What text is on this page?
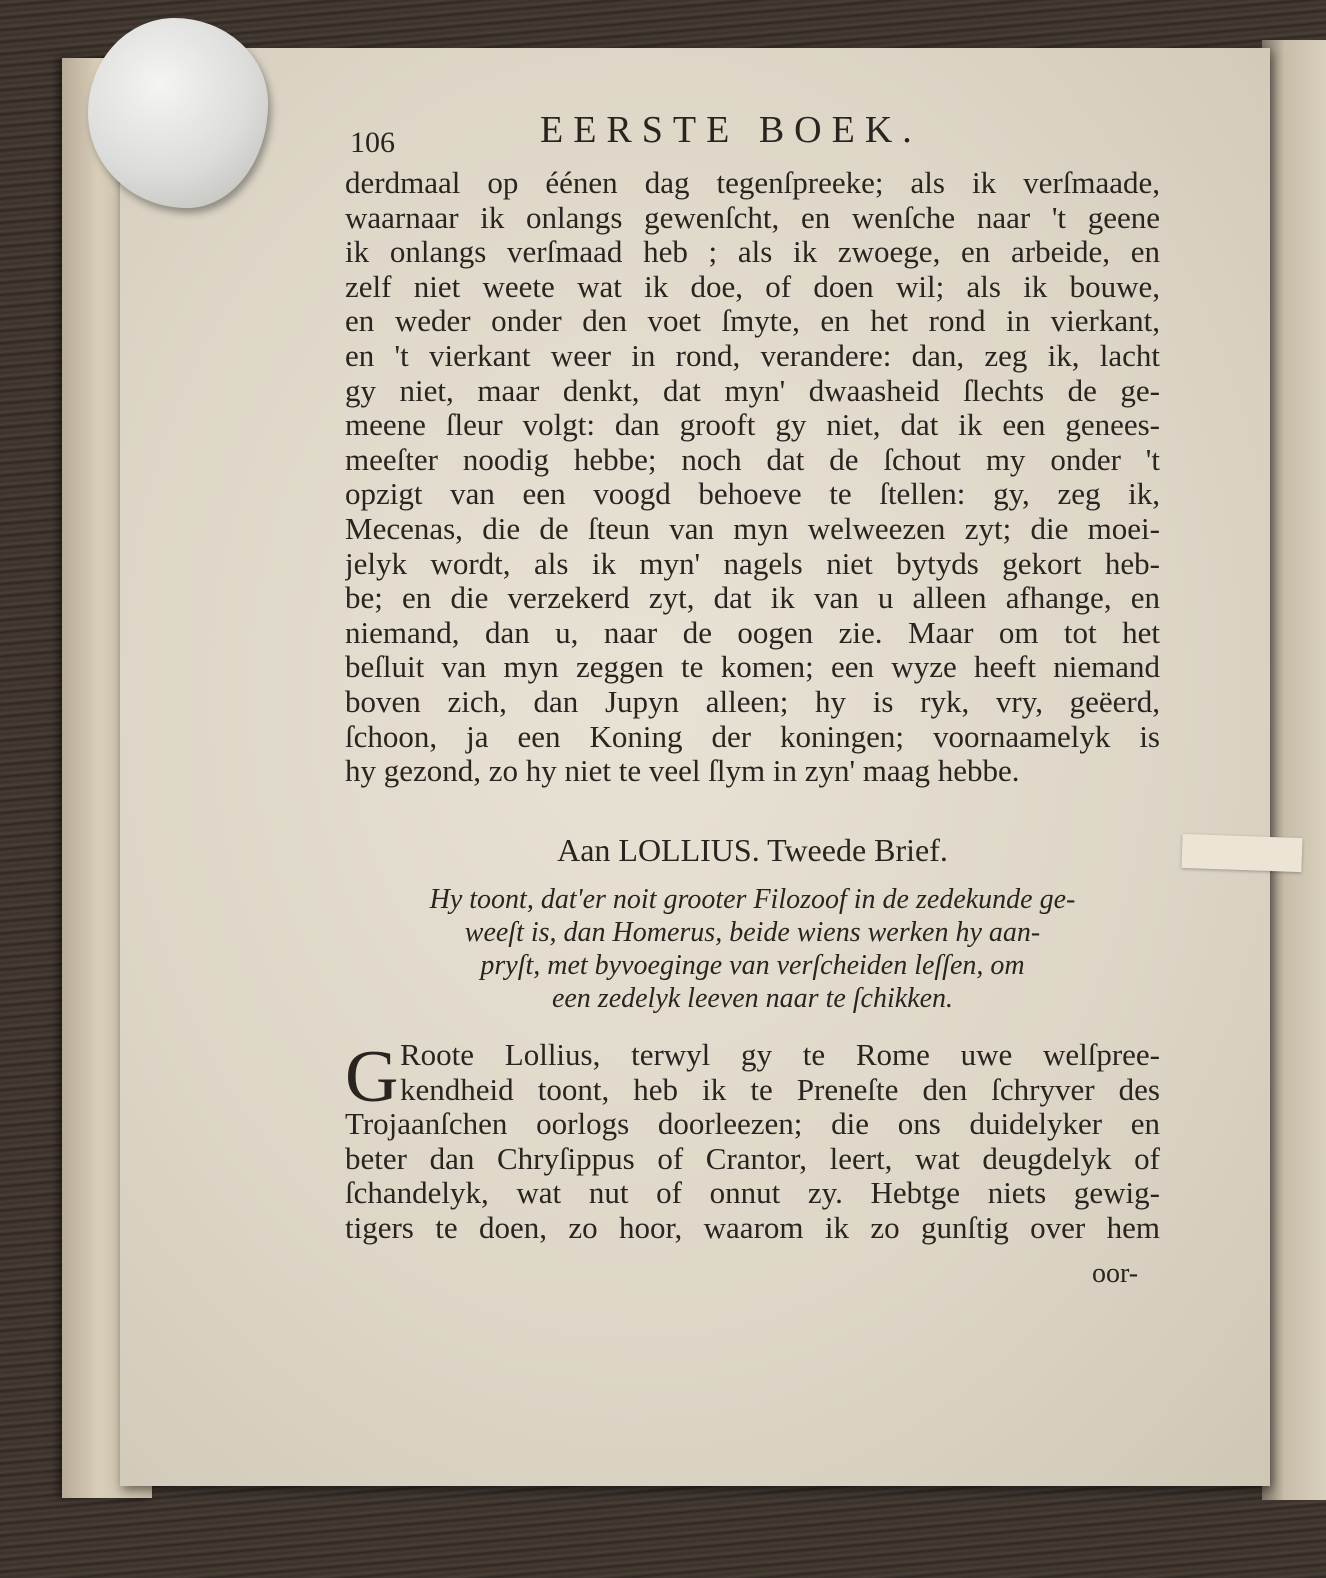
106	EERSTE BOEK.
derdmaal op éénen dag tegenſpreeke; als ik verſmaade,
waarnaar ik onlangs gewenſcht, en wenſche naar 't geene
ik onlangs verſmaad heb ; als ik zwoege, en arbeide, en
zelf niet weete wat ik doe, of doen wil; als ik bouwe,
en weder onder den voet ſmyte, en het rond in vierkant,
en 't vierkant weer in rond, verandere: dan, zeg ik, lacht
gy niet, maar denkt, dat myn' dwaasheid ſlechts de ge-
meene ſleur volgt: dan grooft gy niet, dat ik een genees-
meeſter noodig hebbe; noch dat de ſchout my onder 't
opzigt van een voogd behoeve te ſtellen: gy, zeg ik,
Mecenas, die de ſteun van myn welweezen zyt; die moei-
jelyk wordt, als ik myn' nagels niet bytyds gekort heb-
be; en die verzekerd zyt, dat ik van u alleen afhange, en
niemand, dan u, naar de oogen zie. Maar om tot het
beſluit van myn zeggen te komen; een wyze heeft niemand
boven zich, dan Jupyn alleen; hy is ryk, vry, geëerd,
ſchoon, ja een Koning der koningen; voornaamelyk is
hy gezond, zo hy niet te veel ſlym in zyn' maag hebbe.
Aan LOLLIUS. Tweede Brief.
Hy toont, dat'er noit grooter Filozoof in de zedekunde ge-
weeſt is, dan Homerus, beide wiens werken hy aan-
pryſt, met byvoeginge van verſcheiden leſſen, om
een zedelyk leeven naar te ſchikken.
G Roote Lollius, terwyl gy te Rome uwe welſpree-
kendheid toont, heb ik te Preneſte den ſchryver des
Trojaanſchen oorlogs doorleezen; die ons duidelyker en
beter dan Chryſippus of Crantor, leert, wat deugdelyk of
ſchandelyk, wat nut of onnut zy. Hebtge niets gewig-
tigers te doen, zo hoor, waarom ik zo gunſtig over hem
oor-
